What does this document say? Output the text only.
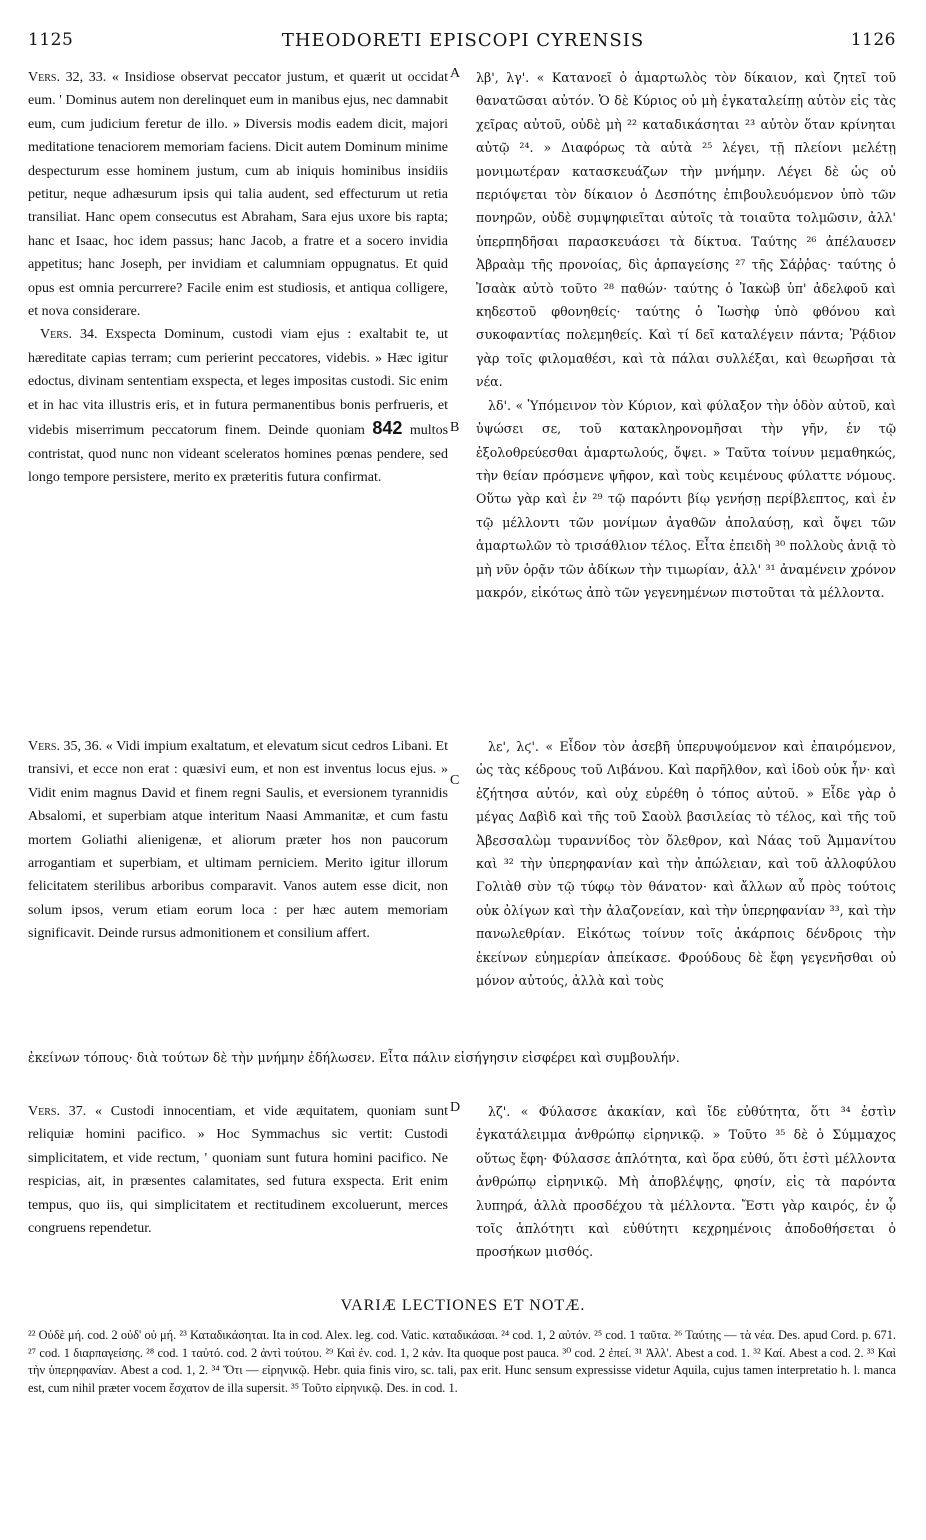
1125	THEODORETI EPISCOPI CYRENSIS	1126
A
B
C
D

Vers. 32, 33. « Insidiose observat peccator justum, et quærit ut occidat eum. ' Dominus autem non derelinquet eum in manibus ejus, nec damnabit eum, cum judicium feretur de illo. » Diversis modis eadem dicit, majori meditatione tenaciorem memoriam faciens. Dicit autem Dominum minime despecturum esse hominem justum, cum ab iniquis hominibus insidiis petitur, neque adhæsurum ipsis qui talia audent, sed effecturum ut retia transiliat. Hanc opem consecutus est Abraham, Sara ejus uxore bis rapta; hanc et Isaac, hoc idem passus; hanc Jacob, a fratre et a socero invidia appetitus; hanc Joseph, per invidiam et calumniam oppugnatus. Et quid opus est omnia percurrere? Facile enim est studiosis, et antiqua colligere, et nova considerare.

Vers. 34. Exspecta Dominum, custodi viam ejus : exaltabit te, ut hæreditate capias terram; cum perierint peccatores, videbis. » Hæc igitur edoctus, divinam sententiam exspecta, et leges impositas custodi. Sic enim et in hac vita illustris eris, et in futura permanentibus bonis perfrueris, et videbis miserrimum peccatorum finem. Deinde quoniam 842 multos contristat, quod nunc non videant sceleratos homines pœnas pendere, sed longo tempore persistere, merito ex præteritis futura confirmat.

Vers. 35, 36. « Vidi impium exaltatum, et elevatum sicut cedros Libani. Et transivi, et ecce non erat : quæsivi eum, et non est inventus locus ejus. » Vidit enim magnus David et finem regni Saulis, et eversionem tyrannidis Absalomi, et superbiam atque interitum Naasi Ammanitæ, et cum fastu mortem Goliathi alienigenæ, et aliorum præter hos non paucorum arrogantiam et superbiam, et ultimam perniciem. Merito igitur illorum felicitatem sterilibus arboribus comparavit. Vanos autem esse dicit, non solum ipsos, verum etiam eorum loca : per hæc autem memoriam significavit. Deinde rursus admonitionem et consilium affert.

Vers. 37. « Custodi innocentiam, et vide æquitatem, quoniam sunt reliquiæ homini pacifico. » Hoc Symmachus sic vertit: Custodi simplicitatem, et vide rectum, ' quoniam sunt futura homini pacifico. Ne respicias, ait, in præsentes calamitates, sed futura exspecta. Erit enim tempus, quo iis, qui simplicitatem et rectitudinem excoluerunt, merces congruens rependetur.

λβ', λγ'. « Κατανοεῖ ὁ ἁμαρτωλὸς τὸν δίκαιον, καὶ ζητεῖ τοῦ θανατῶσαι αὐτόν. Ὁ δὲ Κύριος οὐ μὴ ἐγκαταλείπῃ αὐτὸν εἰς τὰς χεῖρας αὐτοῦ, οὐδὲ μὴ ²² καταδικάσηται ²³ αὐτὸν ὅταν κρίνηται αὐτῷ ²⁴. » Διαφόρως τὰ αὐτὰ ²⁵ λέγει, τῇ πλείονι μελέτῃ μονιμωτέραν κατασκευάζων τὴν μνήμην. Λέγει δὲ ὡς οὐ περιόψεται τὸν δίκαιον ὁ Δεσπότης ἐπιβουλευόμενον ὑπὸ τῶν πονηρῶν, οὐδὲ συμψηφιεῖται αὐτοῖς τὰ τοιαῦτα τολμῶσιν, ἀλλ' ὑπερπηδῆσαι παρασκευάσει τὰ δίκτυα. Ταύτης ²⁶ ἀπέλαυσεν Ἀβραὰμ τῆς προνοίας, δὶς ἁρπαγείσης ²⁷ τῆς Σάῤῥας· ταύτης ὁ Ἰσαὰκ αὐτὸ τοῦτο ²⁸ παθών· ταύτης ὁ Ἰακὼβ ὑπ' ἀδελφοῦ καὶ κηδεστοῦ φθονηθείς· ταύτης ὁ Ἰωσὴφ ὑπὸ φθόνου καὶ συκοφαντίας πολεμηθείς. Καὶ τί δεῖ καταλέγειν πάντα; Ῥᾴδιον γὰρ τοῖς φιλομαθέσι, καὶ τὰ πάλαι συλλέξαι, καὶ θεωρῆσαι τὰ νέα.

λδ'. « Ὑπόμεινον τὸν Κύριον, καὶ φύλαξον τὴν ὁδὸν αὐτοῦ, καὶ ὑψώσει σε, τοῦ κατακληρονομῆσαι τὴν γῆν, ἐν τῷ ἐξολοθρεύεσθαι ἁμαρτωλούς, ὄψει. » Ταῦτα τοίνυν μεμαθηκώς, τὴν θείαν πρόσμενε ψῆφον, καὶ τοὺς κειμένους φύλαττε νόμους. Οὕτω γὰρ καὶ ἐν ²⁹ τῷ παρόντι βίῳ γενήσῃ περίβλεπτος, καὶ ἐν τῷ μέλλοντι τῶν μονίμων ἀγαθῶν ἀπολαύσῃ, καὶ ὄψει τῶν ἁμαρτωλῶν τὸ τρισάθλιον τέλος. Εἶτα ἐπειδὴ ³⁰ πολλοὺς ἀνιᾷ τὸ μὴ νῦν ὁρᾷν τῶν ἀδίκων τὴν τιμωρίαν, ἀλλ' ³¹ ἀναμένειν χρόνον μακρόν, εἰκότως ἀπὸ τῶν γεγενημένων πιστοῦται τὰ μέλλοντα.

λε', λϛ'. « Εἶδον τὸν ἀσεβῆ ὑπερυψούμενον καὶ ἐπαιρόμενον, ὡς τὰς κέδρους τοῦ Λιβάνου. Καὶ παρῆλθον, καὶ ἰδοὺ οὐκ ἦν· καὶ ἐζήτησα αὐτόν, καὶ οὐχ εὑρέθη ὁ τόπος αὐτοῦ. » Εἶδε γὰρ ὁ μέγας Δαβὶδ καὶ τῆς τοῦ Σαοὺλ βασιλείας τὸ τέλος, καὶ τῆς τοῦ Ἀβεσσαλὼμ τυραννίδος τὸν ὄλεθρον, καὶ Νάας τοῦ Ἀμμανίτου καὶ ³² τὴν ὑπερηφανίαν καὶ τὴν ἀπώλειαν, καὶ τοῦ ἀλλοφύλου Γολιὰθ σὺν τῷ τύφῳ τὸν θάνατον· καὶ ἄλλων αὖ πρὸς τούτοις οὐκ ὀλίγων καὶ τὴν ἀλαζονείαν, καὶ τὴν ὑπερηφανίαν ³³, καὶ τὴν πανωλεθρίαν. Εἰκότως τοίνυν τοῖς ἀκάρποις δένδροις τὴν ἐκείνων εὐημερίαν ἀπείκασε. Φρούδους δὲ ἔφη γεγενῆσθαι οὐ μόνον αὐτούς, ἀλλὰ καὶ τοὺς

ἐκείνων τόπους· διὰ τούτων δὲ τὴν μνήμην ἐδήλωσεν. Εἶτα πάλιν εἰσήγησιν εἰσφέρει καὶ συμβουλήν.

λζ'. « Φύλασσε ἀκακίαν, καὶ ἴδε εὐθύτητα, ὅτι ³⁴ ἐστὶν ἐγκατάλειμμα ἀνθρώπῳ εἰρηνικῷ. » Τοῦτο ³⁵ δὲ ὁ Σύμμαχος οὕτως ἔφη· Φύλασσε ἁπλότητα, καὶ ὅρα εὐθύ, ὅτι ἐστὶ μέλλοντα ἀνθρώπῳ εἰρηνικῷ. Μὴ ἀποβλέψῃς, φησίν, εἰς τὰ παρόντα λυπηρά, ἀλλὰ προσδέχου τὰ μέλλοντα. Ἔστι γὰρ καιρός, ἐν ᾧ τοῖς ἁπλότητι καὶ εὐθύτητι κεχρημένοις ἀποδοθήσεται ὁ προσήκων μισθός.

VARIÆ LECTIONES ET NOTÆ.

²² Οὐδὲ μή. cod. 2 οὐδ' οὐ μή. ²³ Καταδικάσηται. Ita in cod. Alex. leg. cod. Vatic. καταδικάσαι. ²⁴ cod. 1, 2 αὐτόν. ²⁵ cod. 1 ταῦτα. ²⁶ Ταύτης — τὰ νέα. Des. apud Cord. p. 671. ²⁷ cod. 1 διαρπαγείσης. ²⁸ cod. 1 ταὐτό. cod. 2 ἀντὶ τούτου. ²⁹ Καὶ ἐν. cod. 1, 2 κἀν. Ita quoque post pauca. ³⁰ cod. 2 ἐπεί. ³¹ Ἀλλ'. Abest a cod. 1. ³² Καί. Abest a cod. 2. ³³ Καὶ τὴν ὑπερηφανίαν. Abest a cod. 1, 2. ³⁴ Ὅτι — εἰρηνικῷ. Hebr. quia finis viro, sc. tali, pax erit. Hunc sensum expressisse videtur Aquila, cujus tamen interpretatio h. l. manca est, cum nihil præter vocem ἔσχατον de illa supersit. ³⁵ Τοῦτο εἰρηνικῷ. Des. in cod. 1.
